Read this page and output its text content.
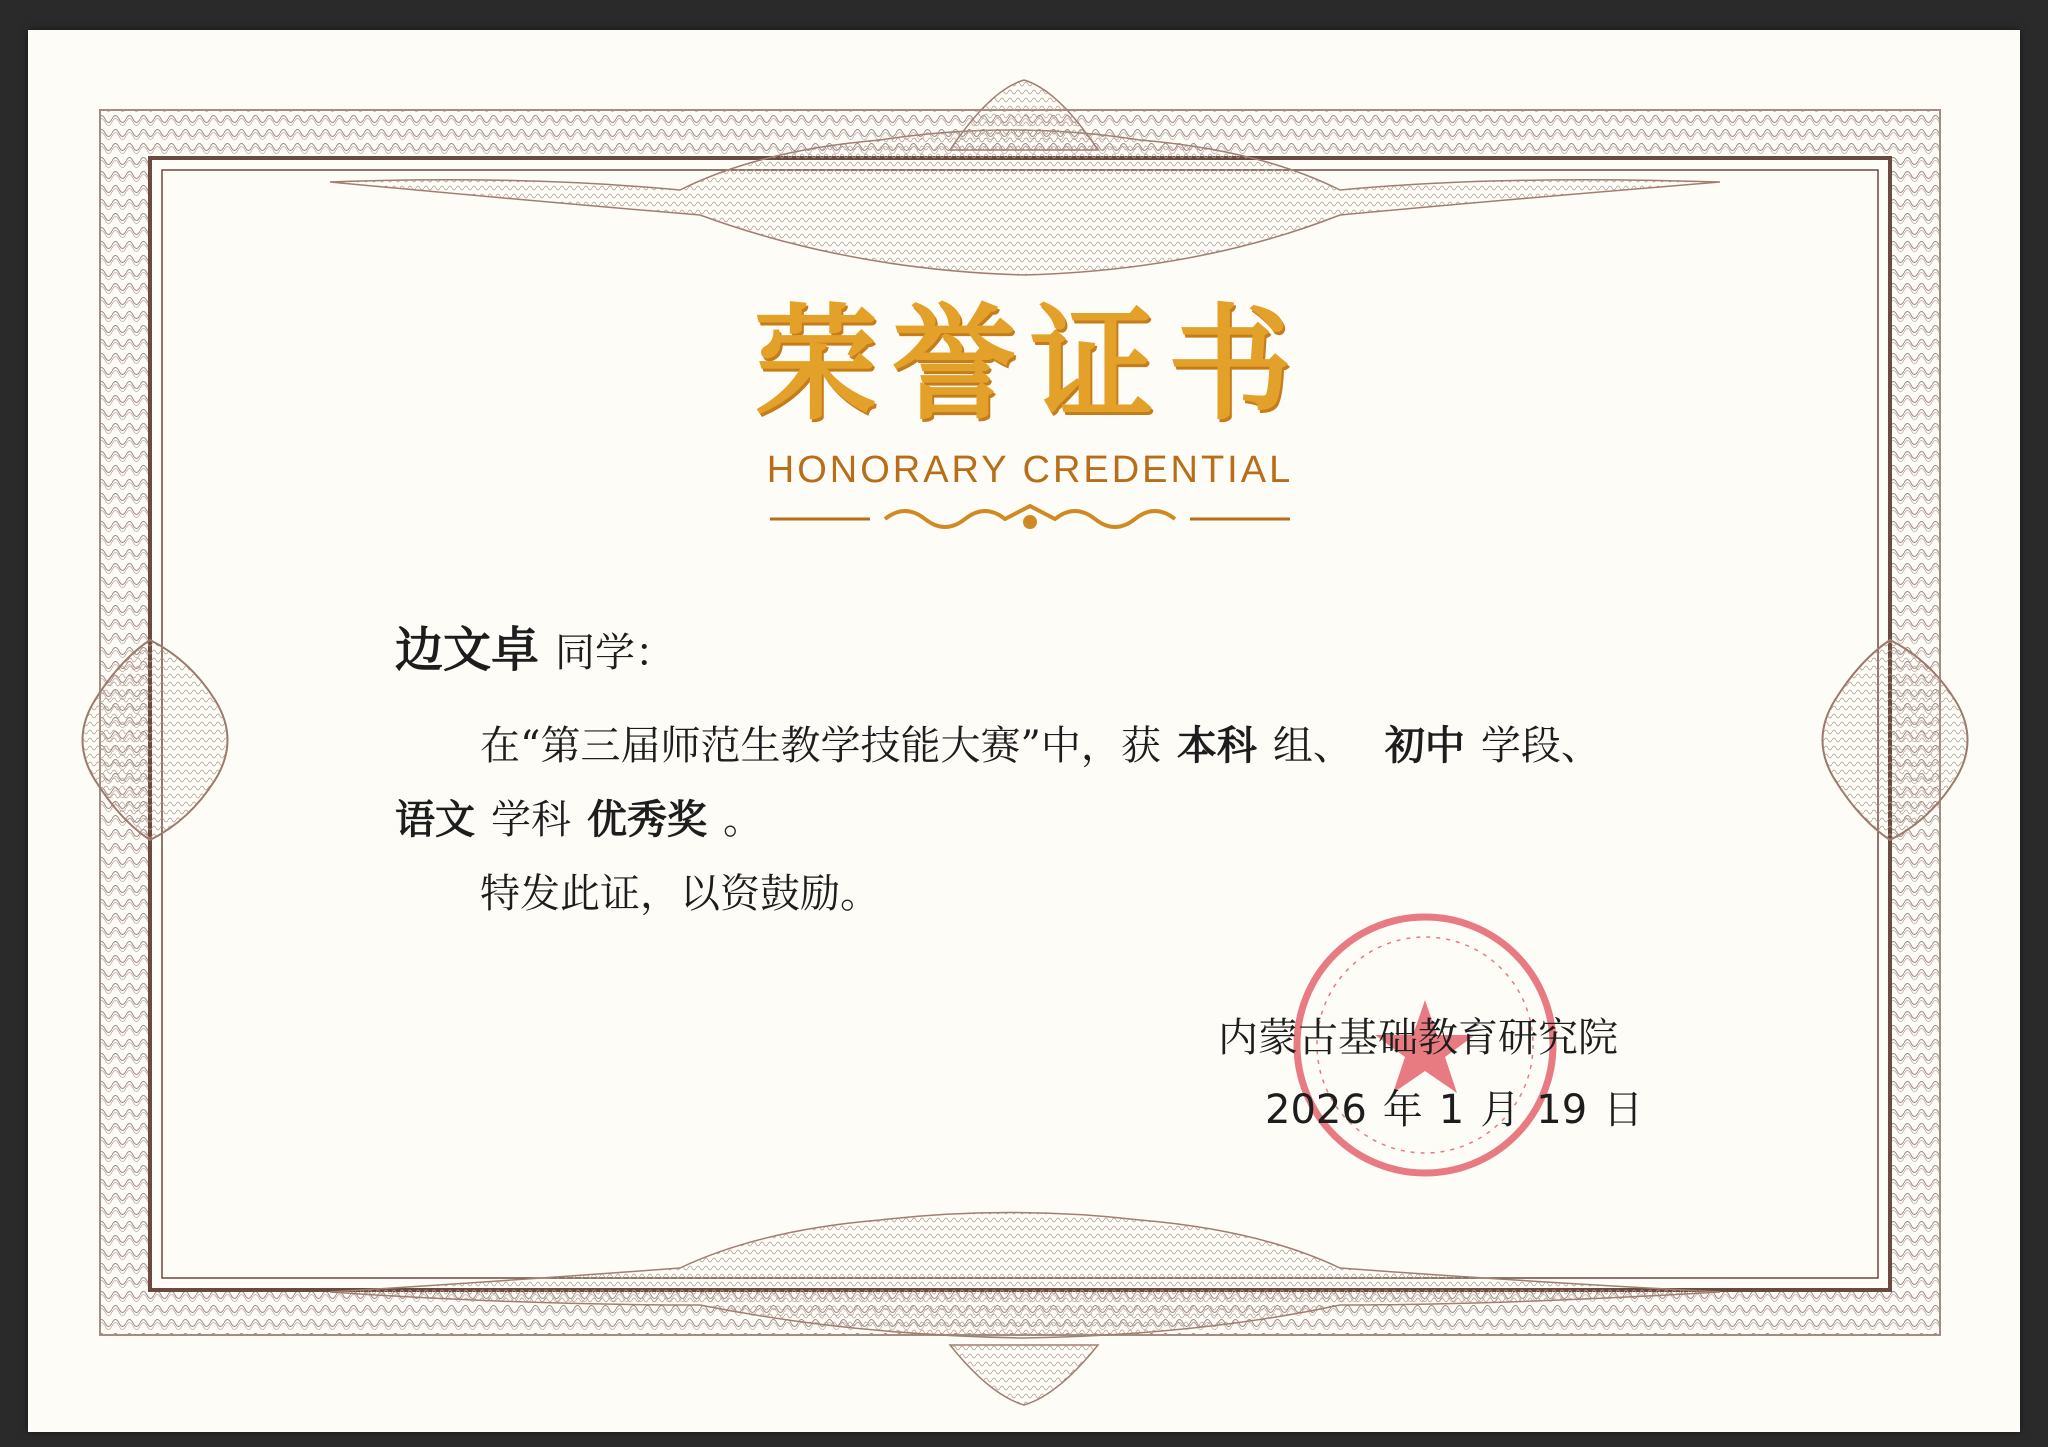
荣誉证书
HONORARY CREDENTIAL
边文卓 同学：
在“第三届师范生教学技能大赛”中，获 本科 组、 初中 学段、
语文 学科 优秀奖 。
特发此证，以资鼓励。
内蒙古基础教育研究院
2026 年 1 月 19 日
